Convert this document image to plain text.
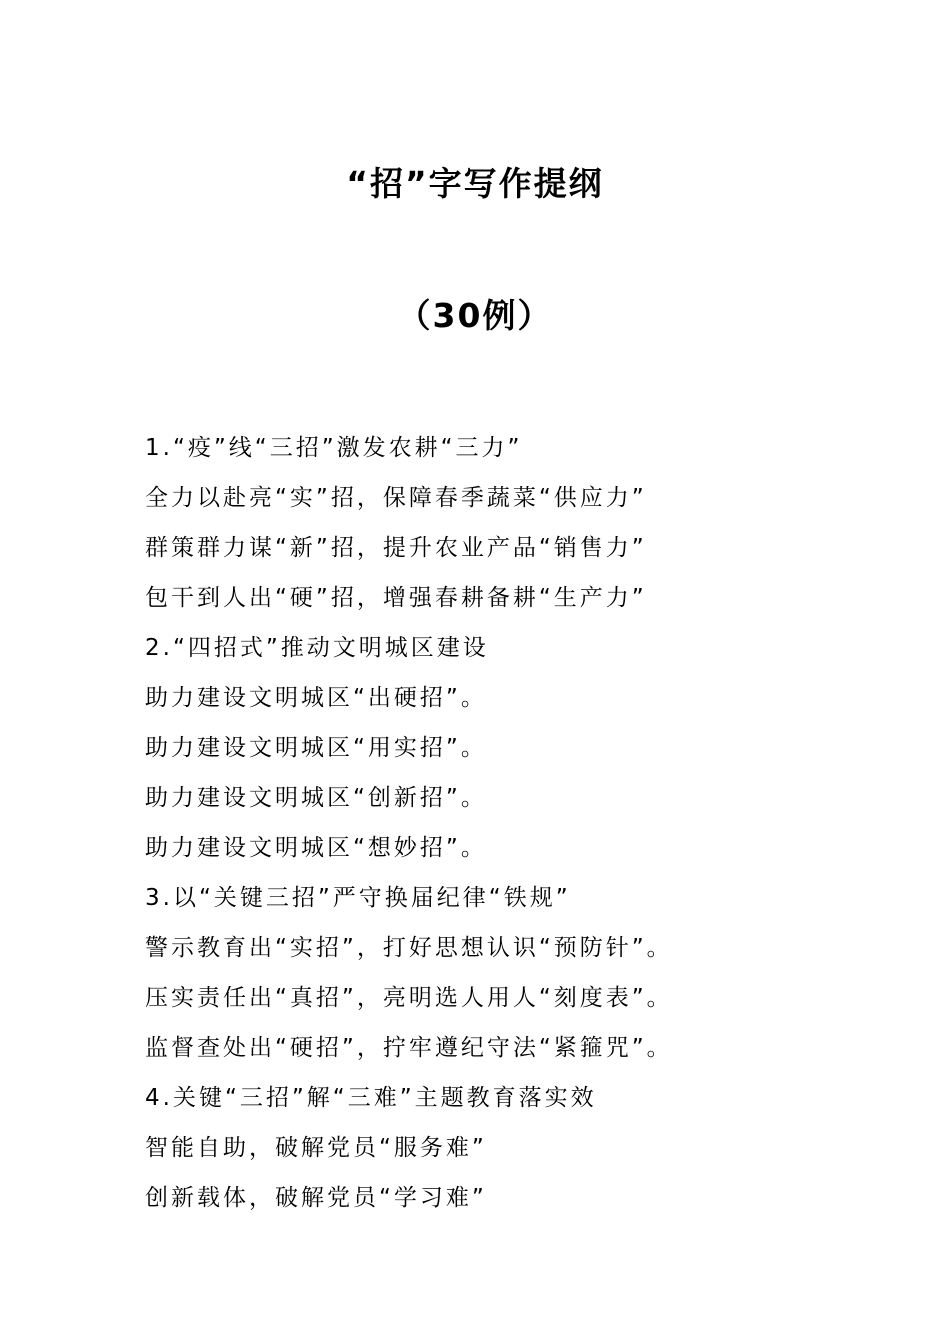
“招”字写作提纲
（30例）
1.“疫”线“三招”激发农耕“三力”
全力以赴亮“实”招，保障春季蔬菜“供应力”
群策群力谋“新”招，提升农业产品“销售力”
包干到人出“硬”招，增强春耕备耕“生产力”
2.“四招式”推动文明城区建设
助力建设文明城区“出硬招”。
助力建设文明城区“用实招”。
助力建设文明城区“创新招”。
助力建设文明城区“想妙招”。
3.以“关键三招”严守换届纪律“铁规”
警示教育出“实招”，打好思想认识“预防针”。
压实责任出“真招”，亮明选人用人“刻度表”。
监督查处出“硬招”，拧牢遵纪守法“紧箍咒”。
4.关键“三招”解“三难”主题教育落实效
智能自助，破解党员“服务难”
创新载体，破解党员“学习难”
